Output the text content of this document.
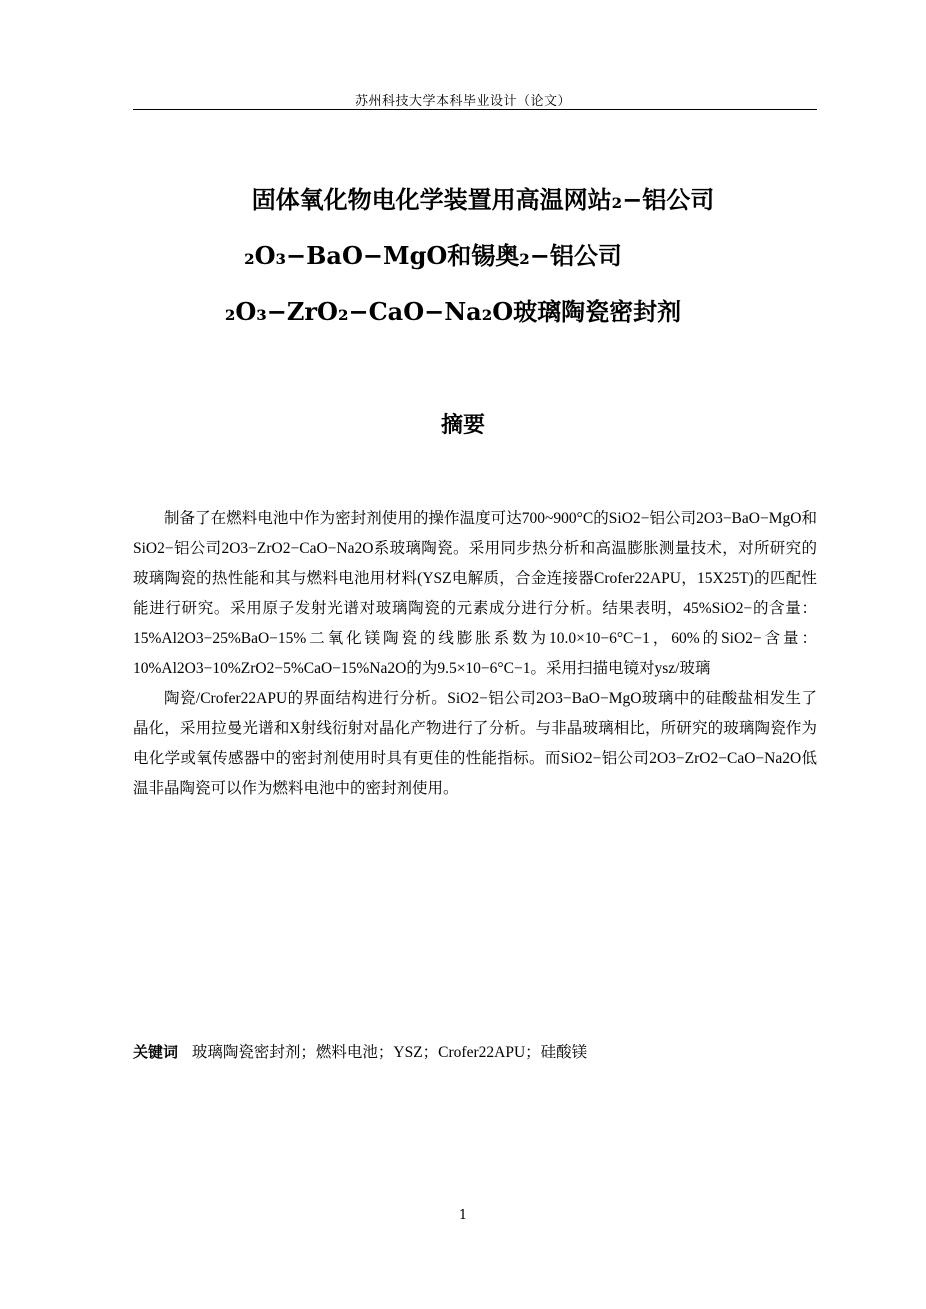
苏州科技大学本科毕业设计（论文）
固体氧化物电化学装置用高温网站₂−铝公司
₂O₃−BaO−MgO和锡奥₂−铝公司
₂O₃−ZrO₂−CaO−Na₂O玻璃陶瓷密封剂
摘要

制备了在燃料电池中作为密封剂使用的操作温度可达700~900°C的SiO2−铝公司2O3−BaO−MgO和SiO2−铝公司2O3−ZrO2−CaO−Na2O系玻璃陶瓷。采用同步热分析和高温膨胀测量技术，对所研究的玻璃陶瓷的热性能和其与燃料电池用材料(YSZ电解质，合金连接器Crofer22APU，15X25T)的匹配性能进行研究。采用原子发射光谱对玻璃陶瓷的元素成分进行分析。结果表明，45%SiO2−的含量：15%Al2O3−25%BaO−15%二氧化镁陶瓷的线膨胀系数为10.0×10−6°C−1，60%的SiO2−含量：10%Al2O3−10%ZrO2−5%CaO−15%Na2O的为9.5×10−6°C−1。采用扫描电镜对ysz/玻璃

陶瓷/Crofer22APU的界面结构进行分析。SiO2−铝公司2O3−BaO−MgO玻璃中的硅酸盐相发生了晶化，采用拉曼光谱和X射线衍射对晶化产物进行了分析。与非晶玻璃相比，所研究的玻璃陶瓷作为电化学或氧传感器中的密封剂使用时具有更佳的性能指标。而SiO2−铝公司2O3−ZrO2−CaO−Na2O低温非晶陶瓷可以作为燃料电池中的密封剂使用。

关键词 玻璃陶瓷密封剂；燃料电池；YSZ；Crofer22APU；硅酸镁
1
